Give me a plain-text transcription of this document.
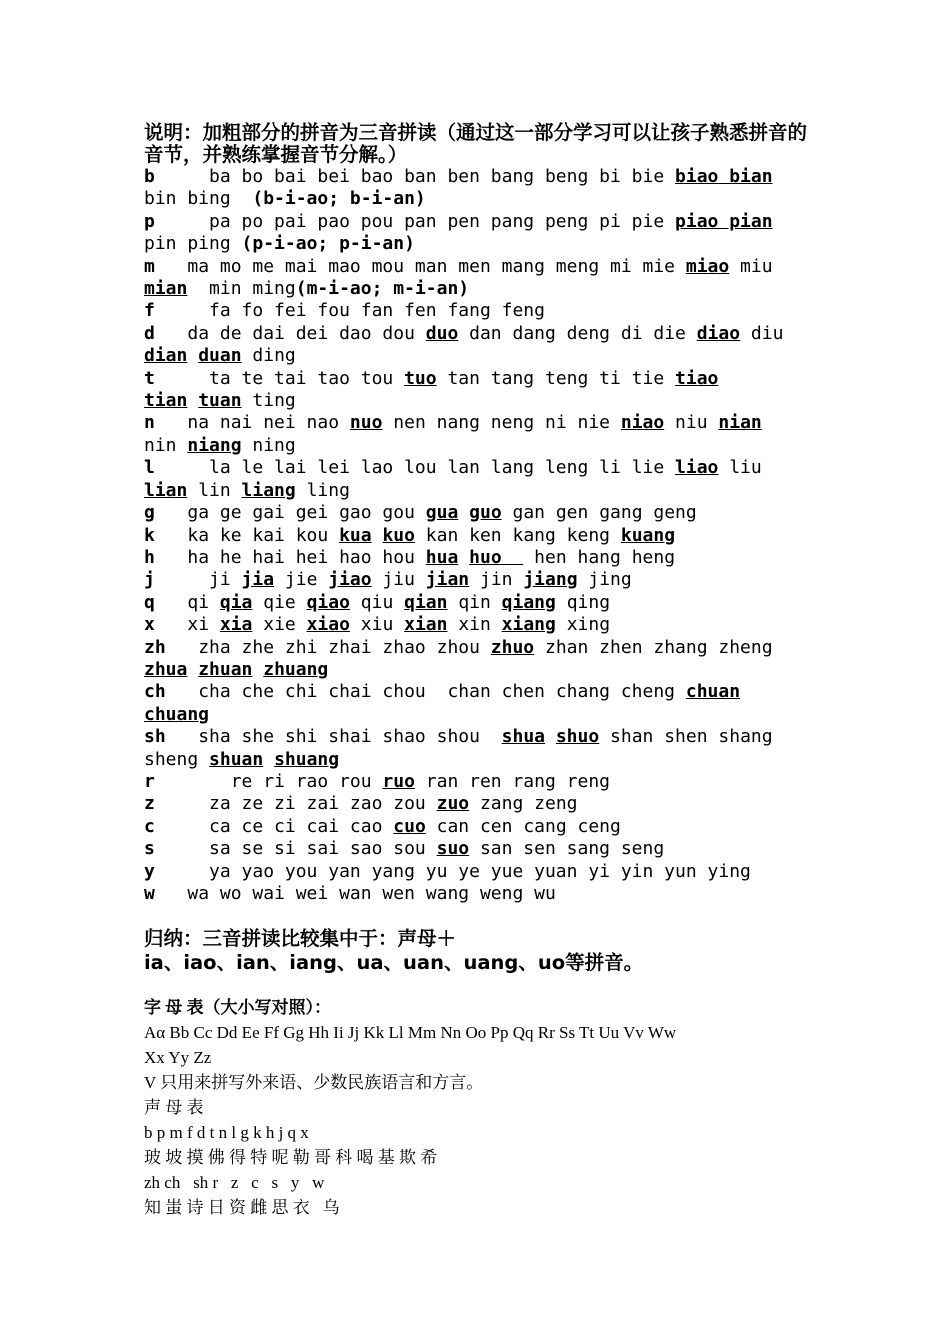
说明：加粗部分的拼音为三音拼读（通过这一部分学习可以让孩子熟悉拼音的音节，并熟练掌握音节分解。）

b     ba bo bai bei bao ban ben bang beng bi bie biao bian

bin bing  (b-i-ao; b-i-an)

p     pa po pai pao pou pan pen pang peng pi pie piao pian

pin ping (p-i-ao; p-i-an)

m   ma mo me mai mao mou man men mang meng mi mie miao miu

mian  min ming(m-i-ao; m-i-an)

f     fa fo fei fou fan fen fang feng

d   da de dai dei dao dou duo dan dang deng di die diao diu

dian duan ding

t     ta te tai tao tou tuo tan tang teng ti tie tiao

tian tuan ting

n   na nai nei nao nuo nen nang neng ni nie niao niu nian

nin niang ning

l     la le lai lei lao lou lan lang leng li lie liao liu

lian lin liang ling

g   ga ge gai gei gao gou gua guo gan gen gang geng

k   ka ke kai kou kua kuo kan ken kang keng kuang

h   ha he hai hei hao hou hua huo   hen hang heng

j     ji jia jie jiao jiu jian jin jiang jing

q   qi qia qie qiao qiu qian qin qiang qing

x   xi xia xie xiao xiu xian xin xiang xing

zh   zha zhe zhi zhai zhao zhou zhuo zhan zhen zhang zheng

zhua zhuan zhuang

ch   cha che chi chai chou  chan chen chang cheng chuan

chuang

sh   sha she shi shai shao shou  shua shuo shan shen shang

sheng shuan shuang

r       re ri rao rou ruo ran ren rang reng

z     za ze zi zai zao zou zuo zang zeng

c     ca ce ci cai cao cuo can cen cang ceng

s     sa se si sai sao sou suo san sen sang seng

y     ya yao you yan yang yu ye yue yuan yi yin yun ying

w   wa wo wai wei wan wen wang weng wu

归纳：三音拼读比较集中于：声母＋
ia、iao、ian、iang、ua、uan、uang、uo等拼音。

字 母 表（大小写对照）：

Aα Bb Cc Dd Ee Ff Gg Hh Ii Jj Kk Ll Mm Nn Oo Pp Qq Rr Ss Tt Uu Vv Ww

Xx Yy Zz

V 只用来拼写外来语、少数民族语言和方言。

声 母 表

b p m f d t n l g k h j q x

玻 坡 摸 佛 得 特 呢 勒 哥 科 喝 基 欺 希

zh ch   sh r   z   c   s   y   w

知 蚩 诗 日 资 雌 思 衣   乌
